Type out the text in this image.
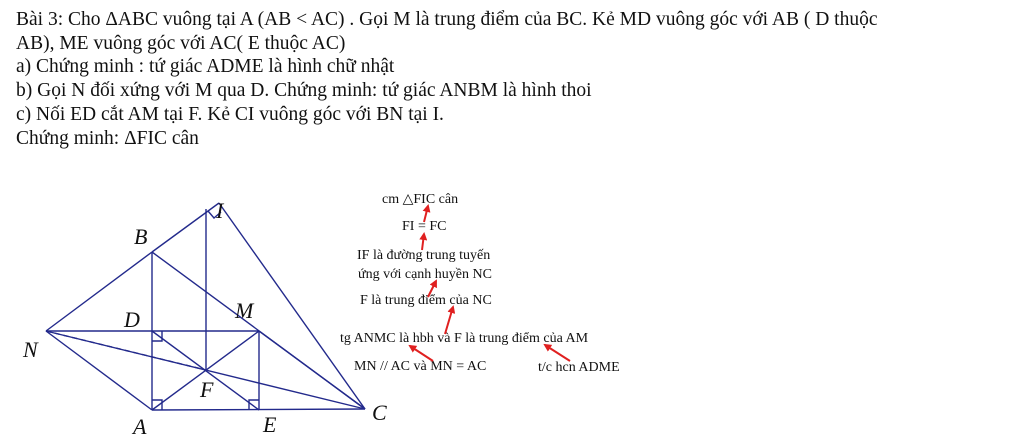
Bài 3: Cho ΔABC vuông tại A (AB < AC) . Gọi M là trung điểm của BC. Kẻ MD vuông góc với AB ( D thuộc
AB), ME vuông góc với AC( E thuộc AC)
a) Chứng minh : tứ giác ADME là hình chữ nhật
b) Gọi N đối xứng với M qua D. Chứng minh: tứ giác ANBM là hình thoi
c) Nối ED cắt AM tại F. Kẻ CI vuông góc với BN tại I.
Chứng minh: ΔFIC cân
B
I
D	M
N
F
A	E	C
cm △FIC cân
FI = FC
IF là đường trung tuyến
ứng với cạnh huyền NC
F là trung điểm của NC
tg ANMC là hbh và F là trung điểm của AM
MN // AC và MN = AC	t/c hcn ADME
